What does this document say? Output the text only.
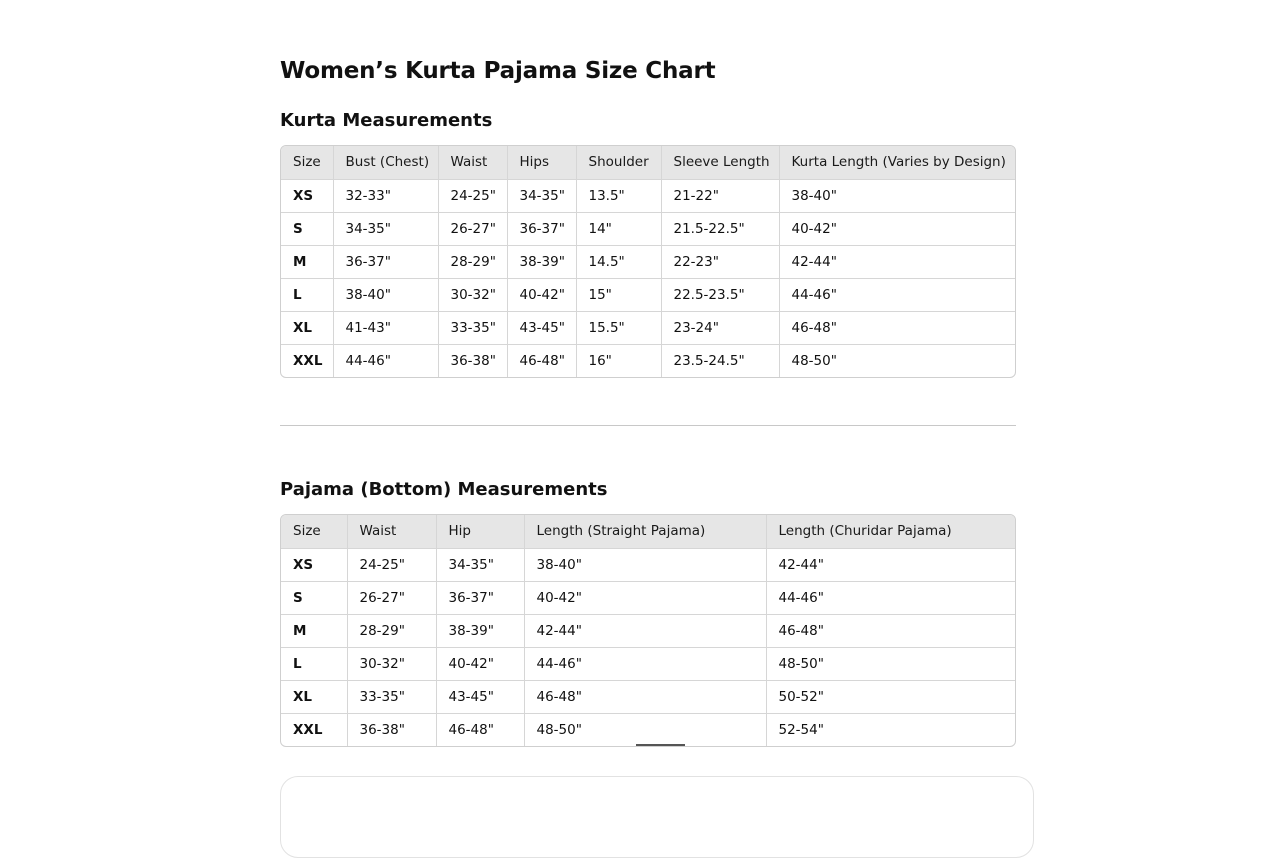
Women’s Kurta Pajama Size Chart
Kurta Measurements
Size	Bust (Chest)	Waist	Hips	Shoulder	Sleeve Length	Kurta Length (Varies by Design)
XS	32-33"	24-25"	34-35"	13.5"	21-22"	38-40"
S	34-35"	26-27"	36-37"	14"	21.5-22.5"	40-42"
M	36-37"	28-29"	38-39"	14.5"	22-23"	42-44"
L	38-40"	30-32"	40-42"	15"	22.5-23.5"	44-46"
XL	41-43"	33-35"	43-45"	15.5"	23-24"	46-48"
XXL	44-46"	36-38"	46-48"	16"	23.5-24.5"	48-50"
Pajama (Bottom) Measurements
Size	Waist	Hip	Length (Straight Pajama)	Length (Churidar Pajama)
XS	24-25"	34-35"	38-40"	42-44"
S	26-27"	36-37"	40-42"	44-46"
M	28-29"	38-39"	42-44"	46-48"
L	30-32"	40-42"	44-46"	48-50"
XL	33-35"	43-45"	46-48"	50-52"
XXL	36-38"	46-48"	48-50"	52-54"
